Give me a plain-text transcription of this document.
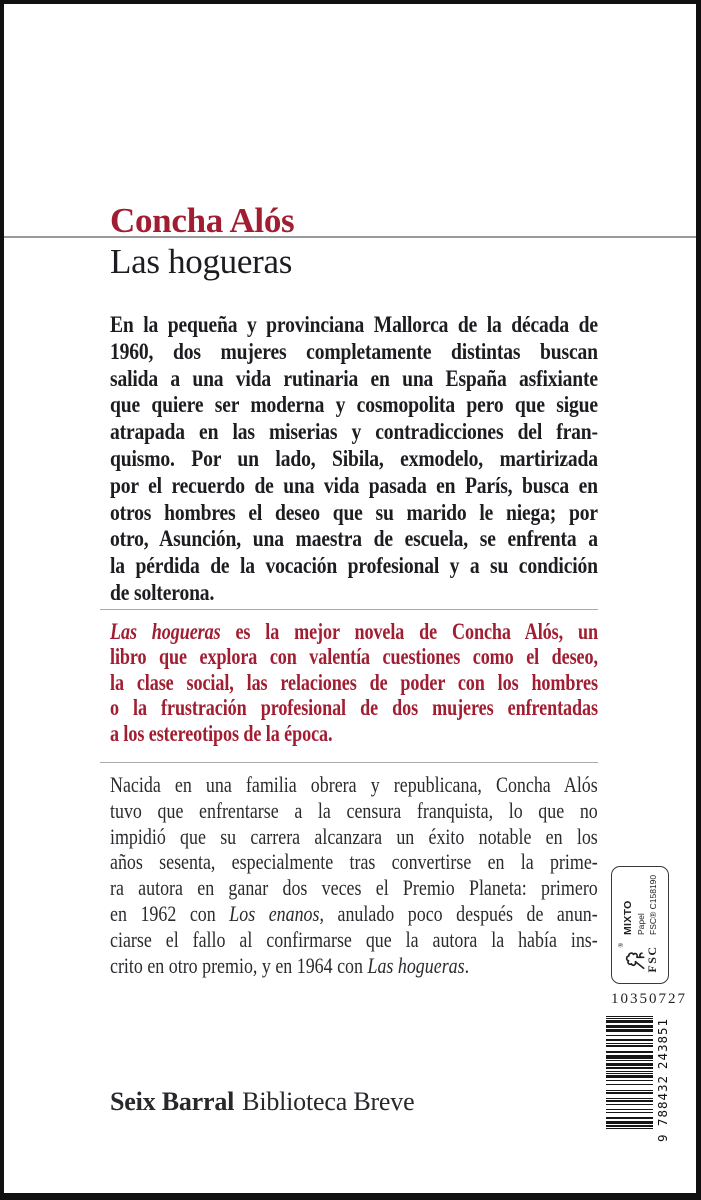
Concha Alós
Las hogueras
En la pequeña y provinciana Mallorca de la década de
1960, dos mujeres completamente distintas buscan
salida a una vida rutinaria en una España asfixiante
que quiere ser moderna y cosmopolita pero que sigue
atrapada en las miserias y contradicciones del fran-
quismo. Por un lado, Sibila, exmodelo, martirizada
por el recuerdo de una vida pasada en París, busca en
otros hombres el deseo que su marido le niega; por
otro, Asunción, una maestra de escuela, se enfrenta a
la pérdida de la vocación profesional y a su condición
de solterona.
Las hogueras es la mejor novela de Concha Alós, un
libro que explora con valentía cuestiones como el deseo,
la clase social, las relaciones de poder con los hombres
o la frustración profesional de dos mujeres enfrentadas
a los estereotipos de la época.
Nacida en una familia obrera y republicana, Concha Alós
tuvo que enfrentarse a la censura franquista, lo que no
impidió que su carrera alcanzara un éxito notable en los
años sesenta, especialmente tras convertirse en la prime-
ra autora en ganar dos veces el Premio Planeta: primero
en 1962 con Los enanos, anulado poco después de anun-
ciarse el fallo al confirmarse que la autora la había ins-
crito en otro premio, y en 1964 con Las hogueras.
Seix Barral Biblioteca Breve
®
FSC
MIXTO Papel FSC® C158190
10350727
9
788432
243851
